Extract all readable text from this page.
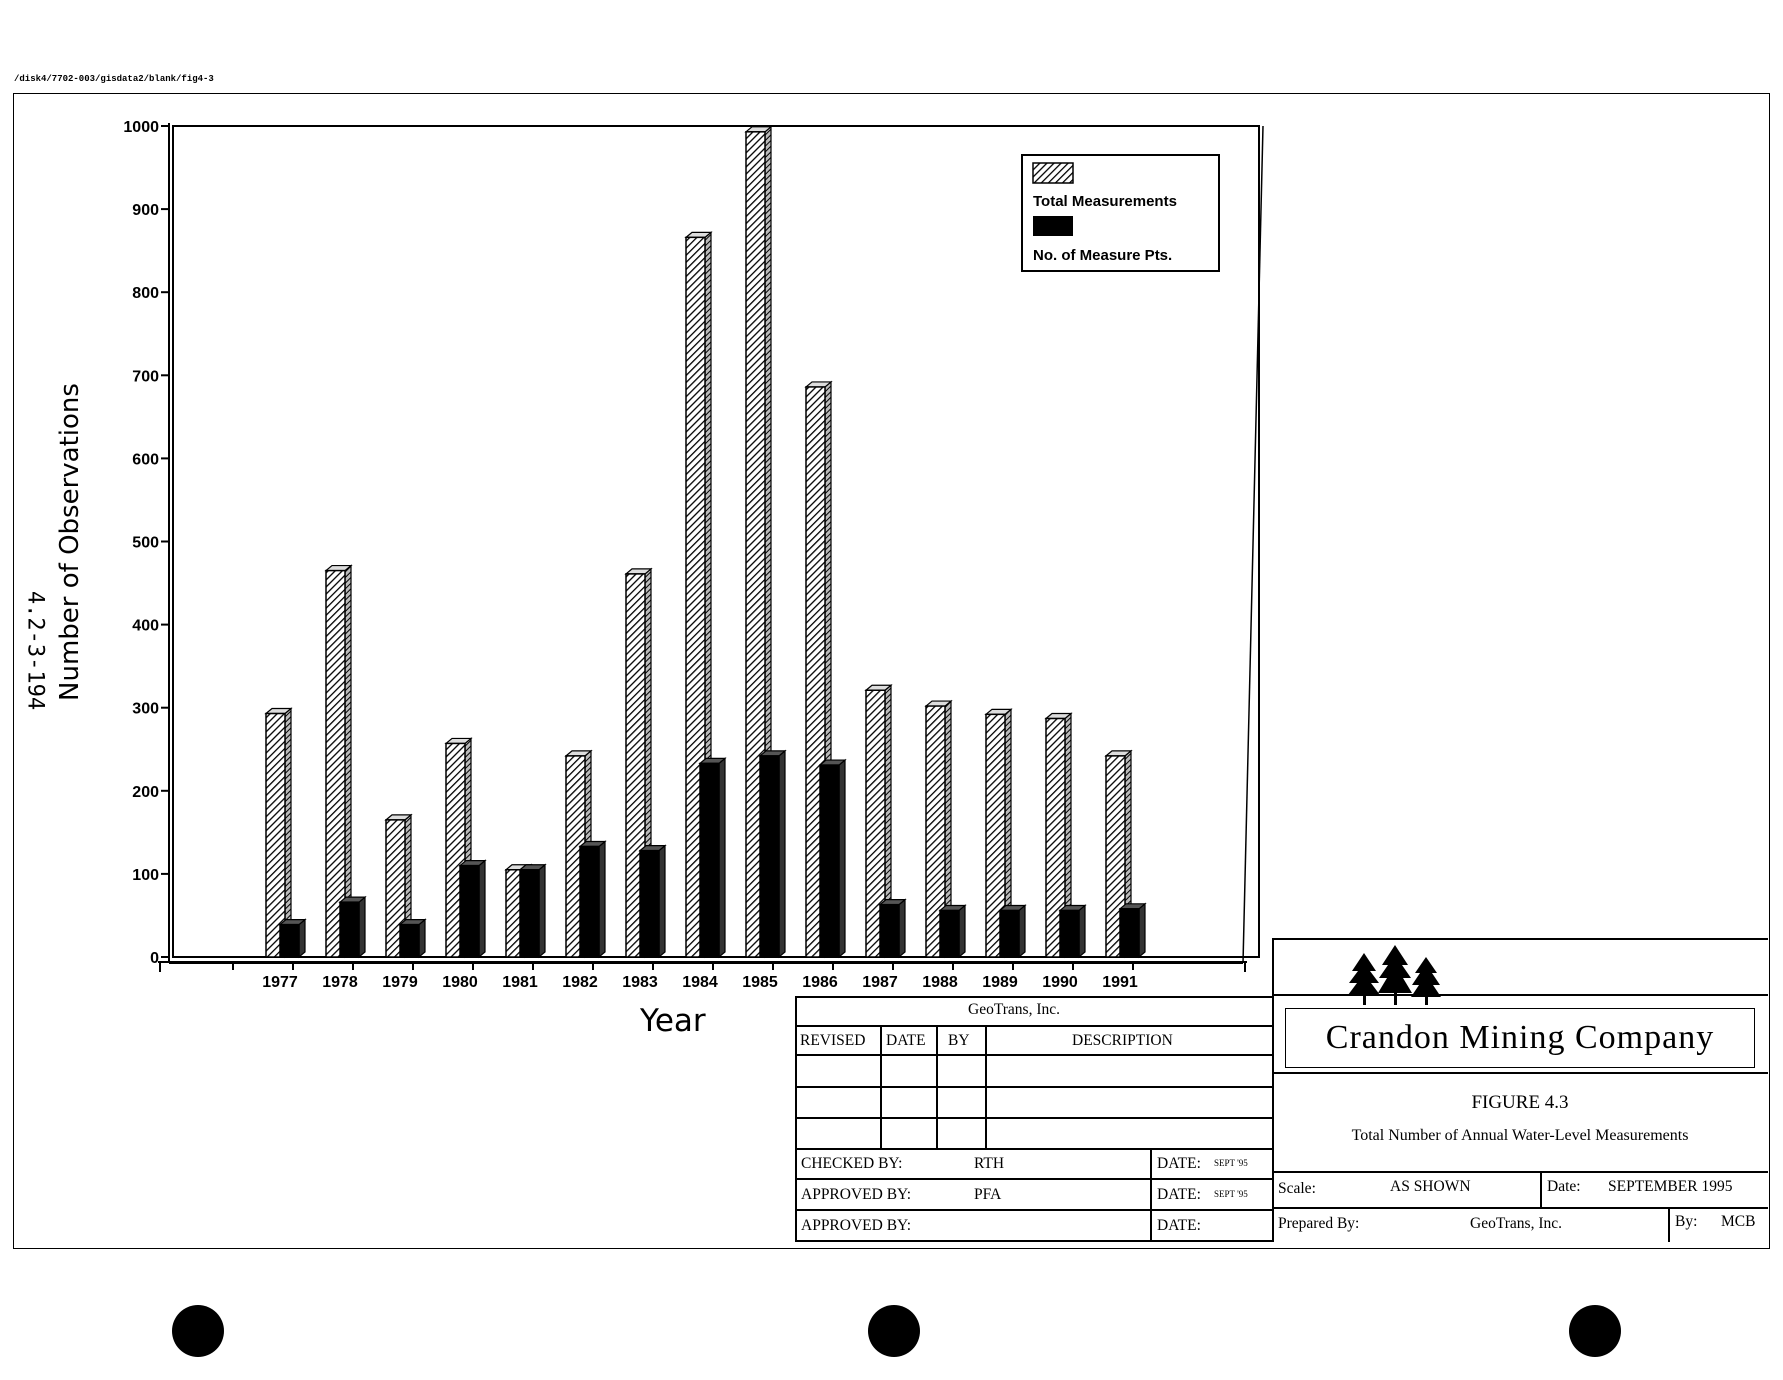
/disk4/7702-003/gisdata2/blank/fig4-3
0
100
200
300
400
500
600
700
800
900
1000
1977 1978 1979 1980 1981 1982 1983 1984 1985 1986 1987 1988 1989 1990 1991
Total Measurements
No. of Measure Pts.
4.2-3-194 Number of Observations
Year	GeoTrans, Inc.
REVISED DATE BY	DESCRIPTION
CHECKED BY:	RTH	DATE: SEPT '95
APPROVED BY:	PFA	DATE: SEPT '95
APPROVED BY:	DATE:
Crandon Mining Company
FIGURE 4.3
Total Number of Annual Water-Level Measurements
Scale:	AS SHOWN	Date: SEPTEMBER 1995
Prepared By:	GeoTrans, Inc.	By: MCB
